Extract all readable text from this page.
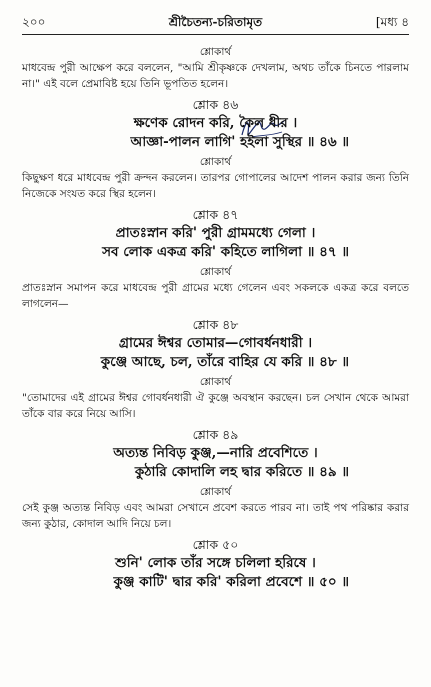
২০০	শ্রীচৈতন্য-চরিতামৃত	[মধ্য ৪
শ্লোকার্থ

মাধবেন্দ্র পুরী আক্ষেপ করে বললেন, "আমি শ্রীকৃষ্ণকে দেখলাম, অথচ তাঁকে চিনতে পারলাম না।" এই বলে প্রেমাবিষ্ট হয়ে তিনি ভূপতিত হলেন।

শ্লোক ৪৬
ক্ষণেক রোদন করি, কৈল ধীর ।
আজ্ঞা-পালন লাগি' হইলা সুস্থির ॥ ৪৬ ॥
শ্লোকার্থ

কিছুক্ষণ ধরে মাধবেন্দ্র পুরী ক্রন্দন করলেন। তারপর গোপালের আদেশ পালন করার জন্য তিনি নিজেকে সংযত করে স্থির হলেন।

শ্লোক ৪৭
প্রাতঃস্নান করি' পুরী গ্রামমধ্যে গেলা ।
সব লোক একত্র করি' কহিতে লাগিলা ॥ ৪৭ ॥
শ্লোকার্থ

প্রাতঃস্নান সমাপন করে মাধবেন্দ্র পুরী গ্রামের মধ্যে গেলেন এবং সকলকে একত্র করে বলতে লাগলেন—

শ্লোক ৪৮
গ্রামের ঈশ্বর তোমার—গোবর্ধনধারী ।
কুঞ্জে আছে, চল, তাঁরে বাহির যে করি ॥ ৪৮ ॥
শ্লোকার্থ

"তোমাদের এই গ্রামের ঈশ্বর গোবর্ধনধারী ঐ কুঞ্জে অবস্থান করছেন। চল সেখান থেকে আমরা তাঁকে বার করে নিয়ে আসি।

শ্লোক ৪৯
অত্যন্ত নিবিড় কুঞ্জ,—নারি প্রবেশিতে ।
কুঠারি কোদালি লহ দ্বার করিতে ॥ ৪৯ ॥
শ্লোকার্থ

সেই কুঞ্জ অত্যন্ত নিবিড় এবং আমরা সেখানে প্রবেশ করতে পারব না। তাই পথ পরিষ্কার করার জন্য কুঠার, কোদাল আদি নিয়ে চল।

শ্লোক ৫০
শুনি' লোক তাঁর সঙ্গে চলিলা হরিষে ।
কুঞ্জ কাটি' দ্বার করি' করিলা প্রবেশে ॥ ৫০ ॥
